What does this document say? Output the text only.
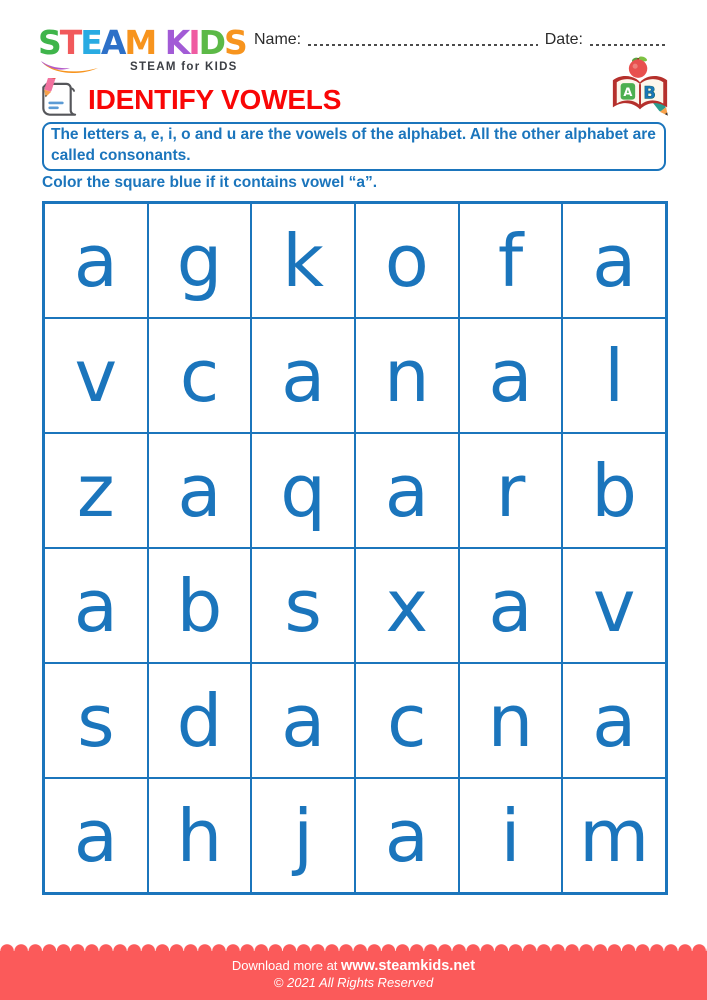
STEAM KIDS
STEAM for KIDS
Name:	Date:
IDENTIFY VOWELS	A B

The letters a, e, i, o and u are the vowels of the alphabet. All the other alphabet are called consonants.

Color the square blue if it contains vowel “a”.

a g k o f a
v c a n a l
z a q a r b
a b s x a v
s d a c n a
a h j a i m

Download more at www.steamkids.net

© 2021 All Rights Reserved
